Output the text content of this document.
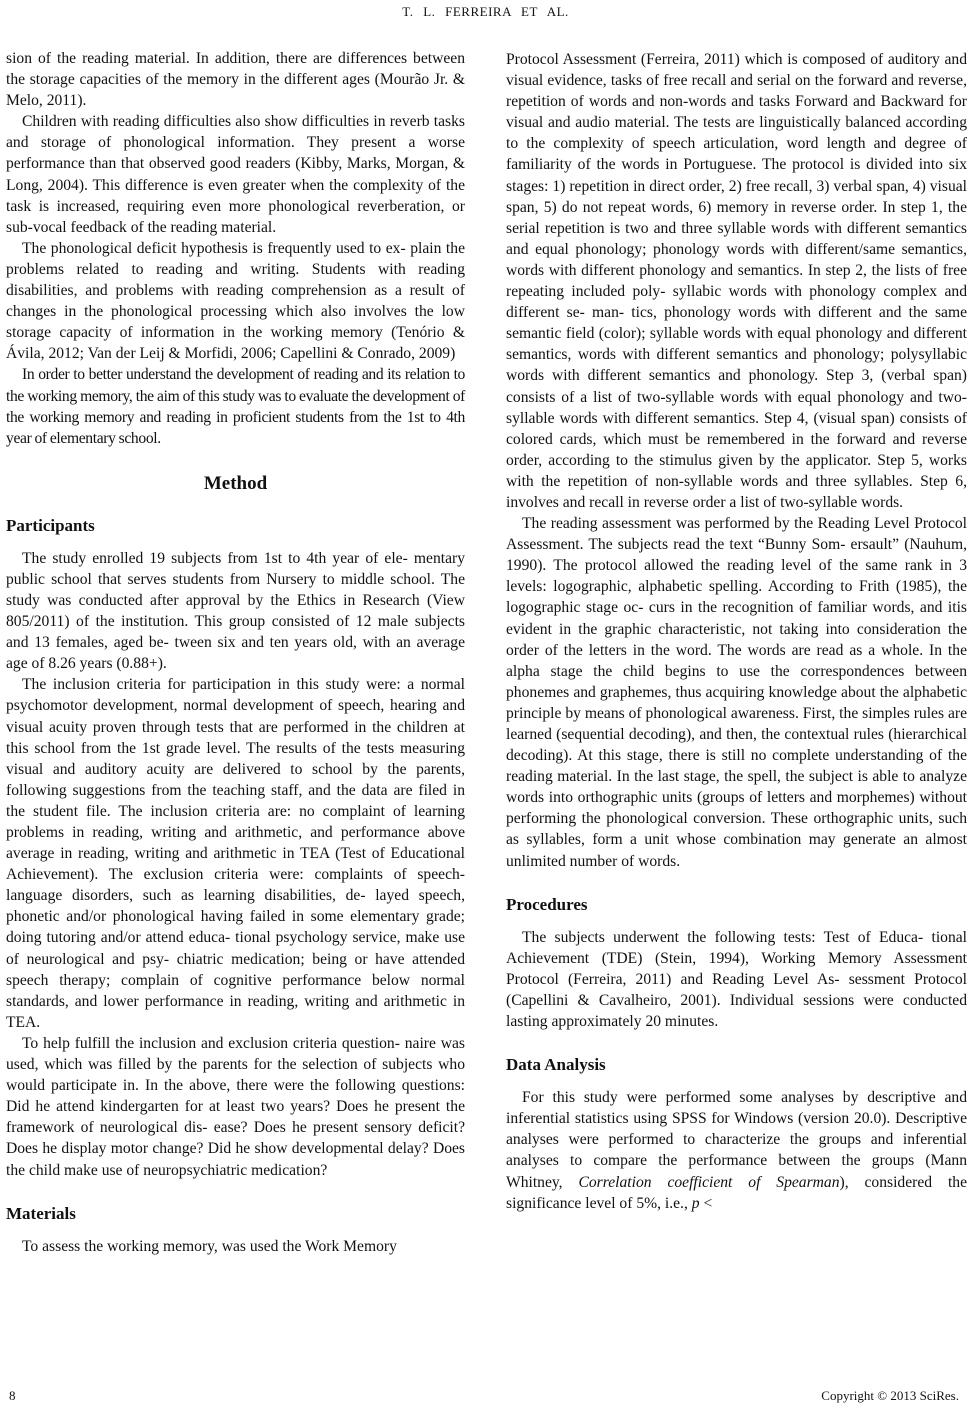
T. L. FERREIRA ET AL.

sion of the reading material. In addition, there are differences between the storage capacities of the memory in the different ages (Mourão Jr. & Melo, 2011).

Children with reading difficulties also show difficulties in reverb tasks and storage of phonological information. They present a worse performance than that observed good readers (Kibby, Marks, Morgan, & Long, 2004). This difference is even greater when the complexity of the task is increased, requiring even more phonological reverberation, or sub-vocal feedback of the reading material.

The phonological deficit hypothesis is frequently used to ex- plain the problems related to reading and writing. Students with reading disabilities, and problems with reading comprehension as a result of changes in the phonological processing which also involves the low storage capacity of information in the working memory (Tenório & Ávila, 2012; Van der Leij & Morfidi, 2006; Capellini & Conrado, 2009)

In order to better understand the development of reading and its relation to the working memory, the aim of this study was to evaluate the development of the working memory and reading in proficient students from the 1st to 4th year of elementary school.

Method
Participants

The study enrolled 19 subjects from 1st to 4th year of ele- mentary public school that serves students from Nursery to middle school. The study was conducted after approval by the Ethics in Research (View 805/2011) of the institution. This group consisted of 12 male subjects and 13 females, aged be- tween six and ten years old, with an average age of 8.26 years (0.88+).

The inclusion criteria for participation in this study were: a normal psychomotor development, normal development of speech, hearing and visual acuity proven through tests that are performed in the children at this school from the 1st grade level. The results of the tests measuring visual and auditory acuity are delivered to school by the parents, following suggestions from the teaching staff, and the data are filed in the student file. The inclusion criteria are: no complaint of learning problems in reading, writing and arithmetic, and performance above average in reading, writing and arithmetic in TEA (Test of Educational Achievement). The exclusion criteria were: complaints of speech-language disorders, such as learning disabilities, de- layed speech, phonetic and/or phonological having failed in some elementary grade; doing tutoring and/or attend educa- tional psychology service, make use of neurological and psy- chiatric medication; being or have attended speech therapy; complain of cognitive performance below normal standards, and lower performance in reading, writing and arithmetic in TEA.

To help fulfill the inclusion and exclusion criteria question- naire was used, which was filled by the parents for the selection of subjects who would participate in. In the above, there were the following questions: Did he attend kindergarten for at least two years? Does he present the framework of neurological dis- ease? Does he present sensory deficit? Does he display motor change? Did he show developmental delay? Does the child make use of neuropsychiatric medication?

Materials

To assess the working memory, was used the Work Memory

Protocol Assessment (Ferreira, 2011) which is composed of auditory and visual evidence, tasks of free recall and serial on the forward and reverse, repetition of words and non-words and tasks Forward and Backward for visual and audio material. The tests are linguistically balanced according to the complexity of speech articulation, word length and degree of familiarity of the words in Portuguese. The protocol is divided into six stages: 1) repetition in direct order, 2) free recall, 3) verbal span, 4) visual span, 5) do not repeat words, 6) memory in reverse order. In step 1, the serial repetition is two and three syllable words with different semantics and equal phonology; phonology words with different/same semantics, words with different phonology and semantics. In step 2, the lists of free repeating included poly- syllabic words with phonology complex and different se- man- tics, phonology words with different and the same semantic field (color); syllable words with equal phonology and different semantics, words with different semantics and phonology; polysyllabic words with different semantics and phonology. Step 3, (verbal span) consists of a list of two-syllable words with equal phonology and two-syllable words with different semantics. Step 4, (visual span) consists of colored cards, which must be remembered in the forward and reverse order, according to the stimulus given by the applicator. Step 5, works with the repetition of non-syllable words and three syllables. Step 6, involves and recall in reverse order a list of two-syllable words.

The reading assessment was performed by the Reading Level Protocol Assessment. The subjects read the text “Bunny Som- ersault” (Nauhum, 1990). The protocol allowed the reading level of the same rank in 3 levels: logographic, alphabetic spelling. According to Frith (1985), the logographic stage oc- curs in the recognition of familiar words, and itis evident in the graphic characteristic, not taking into consideration the order of the letters in the word. The words are read as a whole. In the alpha stage the child begins to use the correspondences between phonemes and graphemes, thus acquiring knowledge about the alphabetic principle by means of phonological awareness. First, the simples rules are learned (sequential decoding), and then, the contextual rules (hierarchical decoding). At this stage, there is still no complete understanding of the reading material. In the last stage, the spell, the subject is able to analyze words into orthographic units (groups of letters and morphemes) without performing the phonological conversion. These orthographic units, such as syllables, form a unit whose combination may generate an almost unlimited number of words.

Procedures

The subjects underwent the following tests: Test of Educa- tional Achievement (TDE) (Stein, 1994), Working Memory Assessment Protocol (Ferreira, 2011) and Reading Level As- sessment Protocol (Capellini & Cavalheiro, 2001). Individual sessions were conducted lasting approximately 20 minutes.

Data Analysis

For this study were performed some analyses by descriptive and inferential statistics using SPSS for Windows (version 20.0). Descriptive analyses were performed to characterize the groups and inferential analyses to compare the performance between the groups (Mann Whitney, Correlation coefficient of Spearman), considered the significance level of 5%, i.e., p <

8	Copyright © 2013 SciRes.
